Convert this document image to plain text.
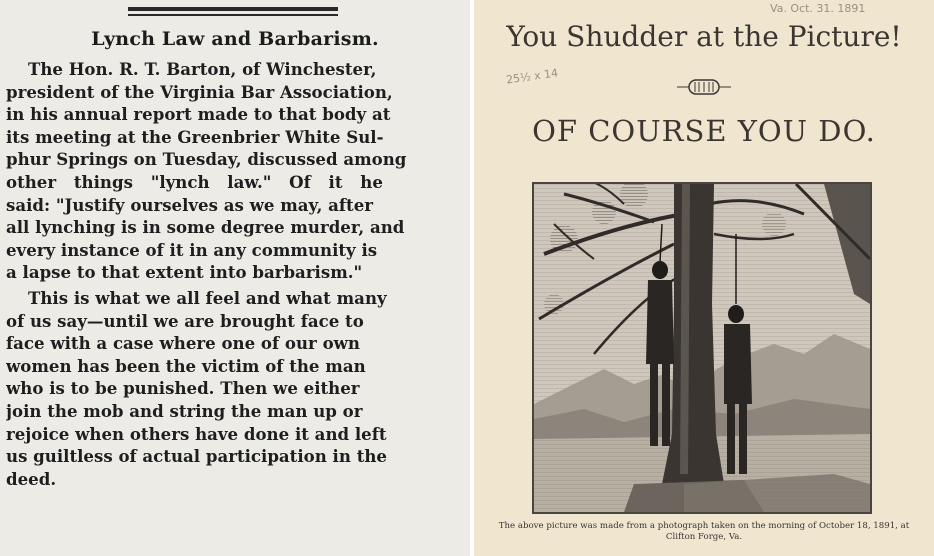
Lynch Law and Barbarism.
The Hon. R. T. Barton, of Winchester,
president of the Virginia Bar Association,
in his annual report made to that body at
its meeting at the Greenbrier White Sul-
phur Springs on Tuesday, discussed among
other things "lynch law." Of it he
said: "Justify ourselves as we may, after
all lynching is in some degree murder, and
every instance of it in any community is
a lapse to that extent into barbarism."
This is what we all feel and what many
of us say—until we are brought face to
face with a case where one of our own
women has been the victim of the man
who is to be punished. Then we either
join the mob and string the man up or
rejoice when others have done it and left
us guiltless of actual participation in the
deed.
Va. Oct. 31. 1891
25½ x 14
You Shudder at the Picture!
OF COURSE YOU DO.
The above picture was made from a photograph taken on the morning of October 18, 1891, at
Clifton Forge, Va.
